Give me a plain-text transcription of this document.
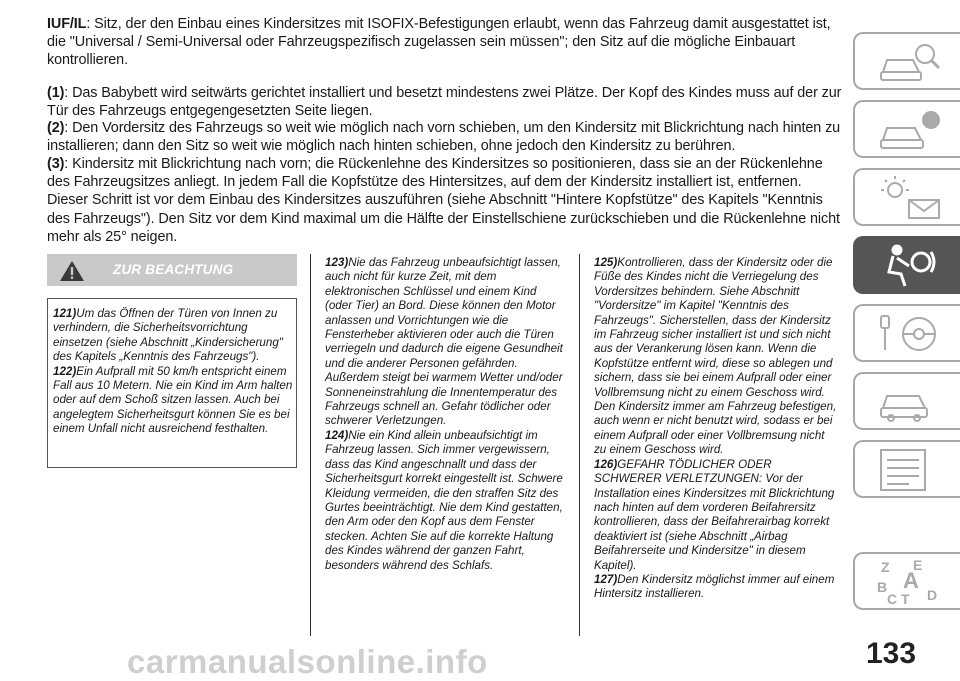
IUF/IL: Sitz, der den Einbau eines Kindersitzes mit ISOFIX-Befestigungen erlaubt, wenn das Fahrzeug damit ausgestattet ist, die "Universal / Semi-Universal oder Fahrzeugspezifisch zugelassen sein müssen"; den Sitz auf die mögliche Einbauart kontrollieren.

(1): Das Babybett wird seitwärts gerichtet installiert und besetzt mindestens zwei Plätze. Der Kopf des Kindes muss auf der zur Tür des Fahrzeugs entgegengesetzten Seite liegen.

(2): Den Vordersitz des Fahrzeugs so weit wie möglich nach vorn schieben, um den Kindersitz mit Blickrichtung nach hinten zu installieren; dann den Sitz so weit wie möglich nach hinten schieben, ohne jedoch den Kindersitz zu berühren.

(3): Kindersitz mit Blickrichtung nach vorn; die Rückenlehne des Kindersitzes so positionieren, dass sie an der Rückenlehne des Fahrzeugsitzes anliegt. In jedem Fall die Kopfstütze des Hintersitzes, auf dem der Kindersitz installiert ist, entfernen. Dieser Schritt ist vor dem Einbau des Kindersitzes auszuführen (siehe Abschnitt "Hintere Kopfstütze" des Kapitels "Kenntnis des Fahrzeugs"). Den Sitz vor dem Kind maximal um die Hälfte der Einstellschiene zurückschieben und die Rückenlehne nicht mehr als 25° neigen.

ZUR BEACHTUNG
121)Um das Öffnen der Türen von Innen zu verhindern, die Sicherheitsvorrichtung einsetzen (siehe Abschnitt „Kindersicherung" des Kapitels „Kenntnis des Fahrzeugs").
122)Ein Aufprall mit 50 km/h entspricht einem Fall aus 10 Metern. Nie ein Kind im Arm halten oder auf dem Schoß sitzen lassen. Auch bei angelegtem Sicherheitsgurt können Sie es bei einem Unfall nicht ausreichend festhalten.
123)Nie das Fahrzeug unbeaufsichtigt lassen, auch nicht für kurze Zeit, mit dem elektronischen Schlüssel und einem Kind (oder Tier) an Bord. Diese können den Motor anlassen und Vorrichtungen wie die Fensterheber aktivieren oder auch die Türen verriegeln und dadurch die eigene Gesundheit und die anderer Personen gefährden. Außerdem steigt bei warmem Wetter und/oder Sonneneinstrahlung die Innentemperatur des Fahrzeugs schnell an. Gefahr tödlicher oder schwerer Verletzungen.
124)Nie ein Kind allein unbeaufsichtigt im Fahrzeug lassen. Sich immer vergewissern, dass das Kind angeschnallt und dass der Sicherheitsgurt korrekt eingestellt ist. Schwere Kleidung vermeiden, die den straffen Sitz des Gurtes beeinträchtigt. Nie dem Kind gestatten, den Arm oder den Kopf aus dem Fenster stecken. Achten Sie auf die korrekte Haltung des Kindes während der ganzen Fahrt, besonders während des Schlafs.
125)Kontrollieren, dass der Kindersitz oder die Füße des Kindes nicht die Verriegelung des Vordersitzes behindern. Siehe Abschnitt "Vordersitze" im Kapitel "Kenntnis des Fahrzeugs". Sicherstellen, dass der Kindersitz im Fahrzeug sicher installiert ist und sich nicht aus der Verankerung lösen kann. Wenn die Kopfstütze entfernt wird, diese so ablegen und sichern, dass sie bei einem Aufprall oder einer Vollbremsung nicht zu einem Geschoss wird. Den Kindersitz immer am Fahrzeug befestigen, auch wenn er nicht benutzt wird, sodass er bei einem Aufprall oder einer Vollbremsung nicht zu einem Geschoss wird.
126)GEFAHR TÖDLICHER ODER SCHWERER VERLETZUNGEN: Vor der Installation eines Kindersitzes mit Blickrichtung nach hinten auf dem vorderen Beifahrersitz kontrollieren, dass der Beifahrerairbag korrekt deaktiviert ist (siehe Abschnitt „Airbag Beifahrerseite und Kindersitze" in diesem Kapitel).
127)Den Kindersitz möglichst immer auf einem Hintersitz installieren.
Z E
B A
C T D
133
carmanualsonline.info
